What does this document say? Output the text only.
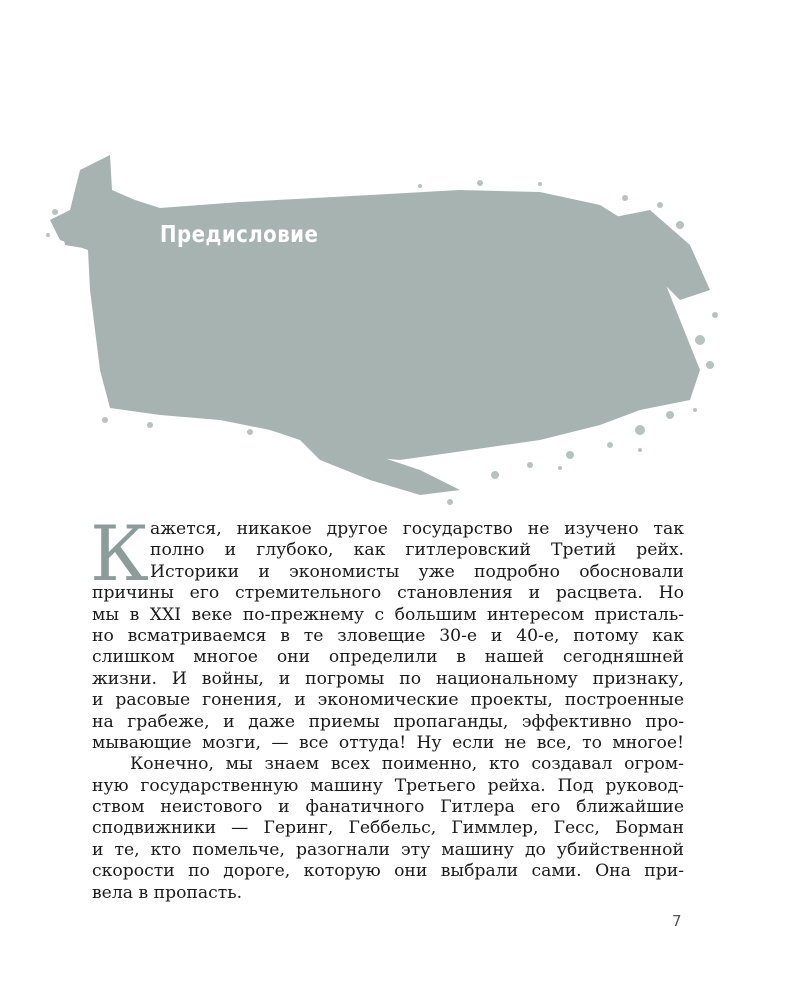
Предисловие
К ажется, никакое другое государство не изучено так
полно и глубоко, как гитлеровский Третий рейх.
Историки и экономисты уже подробно обосновали
причины его стремительного становления и расцвета. Но
мы в XXI веке по-прежнему с большим интересом присталь-
но всматриваемся в те зловещие 30-е и 40-е, потому как
слишком многое они определили в нашей сегодняшней
жизни. И войны, и погромы по национальному признаку,
и расовые гонения, и экономические проекты, построенные
на грабеже, и даже приемы пропаганды, эффективно про-
мывающие мозги, — все оттуда! Ну если не все, то многое!
Конечно, мы знаем всех поименно, кто создавал огром-
ную государственную машину Третьего рейха. Под руковод-
ством неистового и фанатичного Гитлера его ближайшие
сподвижники — Геринг, Геббельс, Гиммлер, Гесс, Борман
и те, кто помельче, разогнали эту машину до убийственной
скорости по дороге, которую они выбрали сами. Она при-
вела в пропасть.
7
